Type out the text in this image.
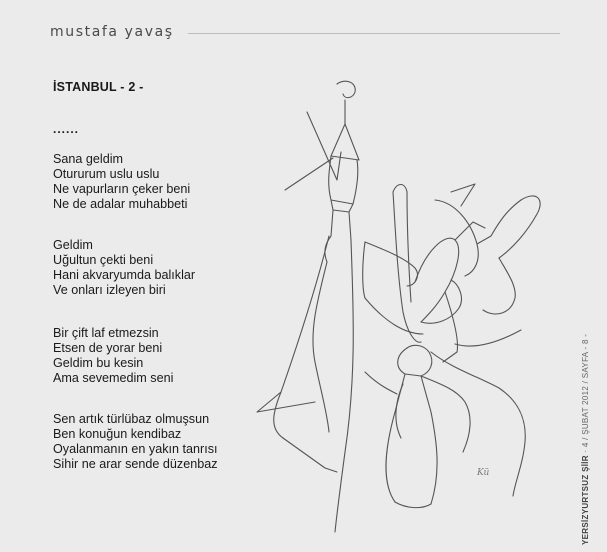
mustafa yavaş
İSTANBUL - 2 -
......
Sana geldim
Otururum uslu uslu
Ne vapurların çeker beni
Ne de adalar muhabbeti
Geldim
Uğultun çekti beni
Hani akvaryumda balıklar
Ve onları izleyen biri
Bir çift laf etmezsin
Etsen de yorar beni
Geldim bu kesin
Ama sevemedim seni
Sen artık türlübaz olmuşsun
Ben konuğun kendibaz
Oyalanmanın en yakın tanrısı
Sihir ne arar sende düzenbaz
Kü	YERSİZYURTSUZ ŞİİR · 4 / ŞUBAT 2012 / SAYFA - 8 -
